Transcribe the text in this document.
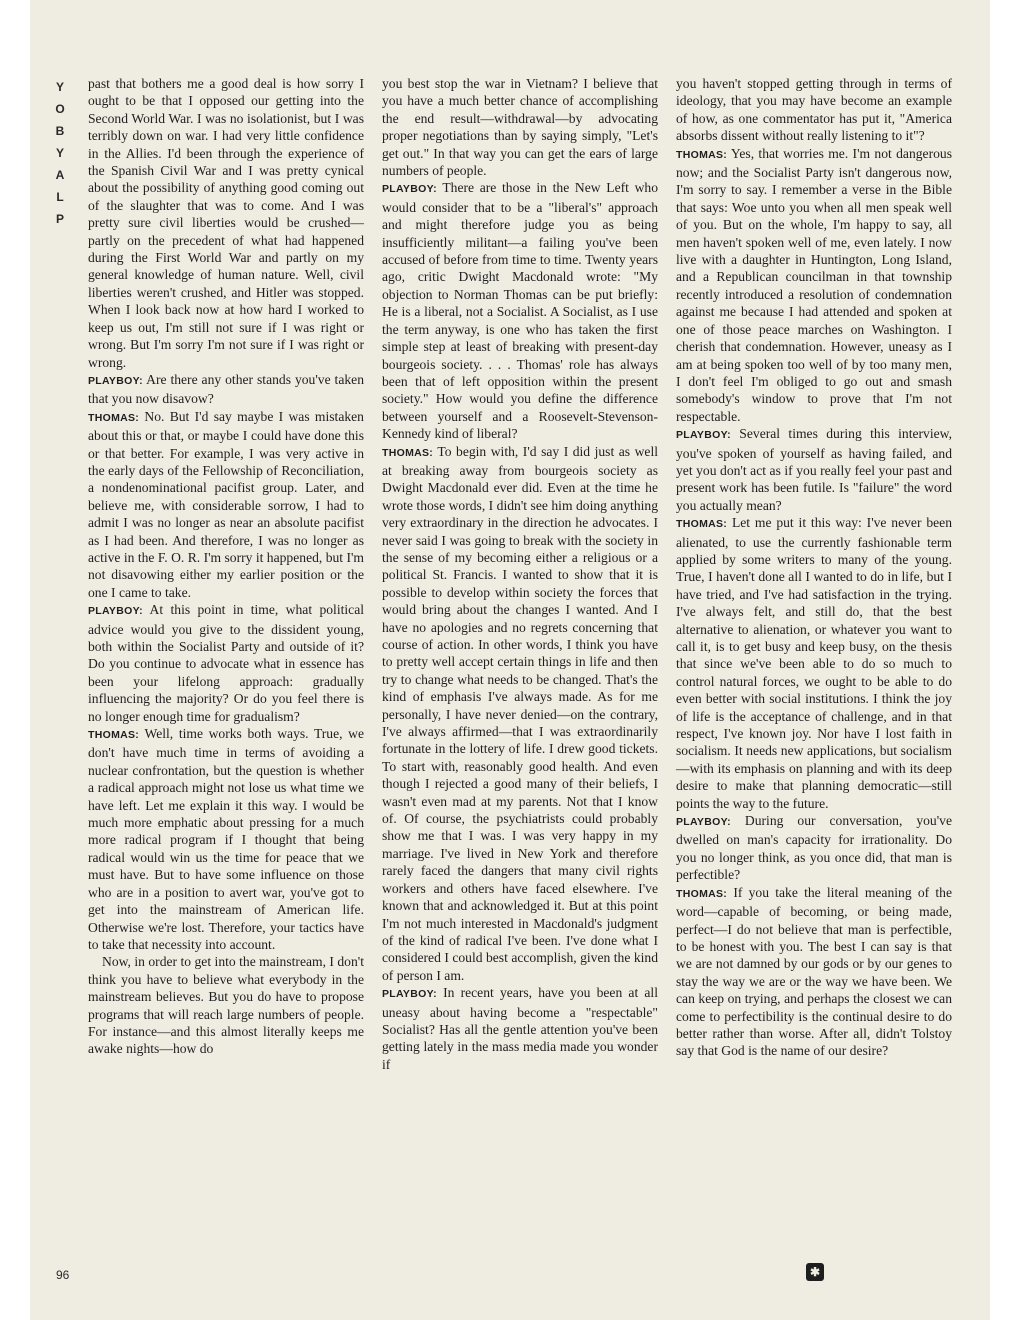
Y
O
B
Y
A
L
P

past that bothers me a good deal is how sorry I ought to be that I opposed our getting into the Second World War. I was no isolationist, but I was terribly down on war. I had very little confidence in the Allies. I'd been through the experience of the Spanish Civil War and I was pretty cynical about the possibility of anything good coming out of the slaughter that was to come. And I was pretty sure civil liberties would be crushed—partly on the precedent of what had happened during the First World War and partly on my general knowledge of human nature. Well, civil liberties weren't crushed, and Hitler was stopped. When I look back now at how hard I worked to keep us out, I'm still not sure if I was right or wrong. But I'm sorry I'm not sure if I was right or wrong.

PLAYBOY: Are there any other stands you've taken that you now disavow?

THOMAS: No. But I'd say maybe I was mistaken about this or that, or maybe I could have done this or that better. For example, I was very active in the early days of the Fellowship of Reconciliation, a nondenominational pacifist group. Later, and believe me, with considerable sorrow, I had to admit I was no longer as near an absolute pacifist as I had been. And therefore, I was no longer as active in the F. O. R. I'm sorry it happened, but I'm not disavowing either my earlier position or the one I came to take.

PLAYBOY: At this point in time, what political advice would you give to the dissident young, both within the Socialist Party and outside of it? Do you continue to advocate what in essence has been your lifelong approach: gradually influencing the majority? Or do you feel there is no longer enough time for gradualism?

THOMAS: Well, time works both ways. True, we don't have much time in terms of avoiding a nuclear confrontation, but the question is whether a radical approach might not lose us what time we have left. Let me explain it this way. I would be much more emphatic about pressing for a much more radical program if I thought that being radical would win us the time for peace that we must have. But to have some influence on those who are in a position to avert war, you've got to get into the mainstream of American life. Otherwise we're lost. Therefore, your tactics have to take that necessity into account.

Now, in order to get into the mainstream, I don't think you have to believe what everybody in the mainstream believes. But you do have to propose programs that will reach large numbers of people. For instance—and this almost literally keeps me awake nights—how do

you best stop the war in Vietnam? I believe that you have a much better chance of accomplishing the end result—withdrawal—by advocating proper negotiations than by saying simply, "Let's get out." In that way you can get the ears of large numbers of people.

PLAYBOY: There are those in the New Left who would consider that to be a "liberal's" approach and might therefore judge you as being insufficiently militant—a failing you've been accused of before from time to time. Twenty years ago, critic Dwight Macdonald wrote: "My objection to Norman Thomas can be put briefly: He is a liberal, not a Socialist. A Socialist, as I use the term anyway, is one who has taken the first simple step at least of breaking with present-day bourgeois society. . . . Thomas' role has always been that of left opposition within the present society." How would you define the difference between yourself and a Roosevelt-Stevenson-Kennedy kind of liberal?

THOMAS: To begin with, I'd say I did just as well at breaking away from bourgeois society as Dwight Macdonald ever did. Even at the time he wrote those words, I didn't see him doing anything very extraordinary in the direction he advocates. I never said I was going to break with the society in the sense of my becoming either a religious or a political St. Francis. I wanted to show that it is possible to develop within society the forces that would bring about the changes I wanted. And I have no apologies and no regrets concerning that course of action. In other words, I think you have to pretty well accept certain things in life and then try to change what needs to be changed. That's the kind of emphasis I've always made. As for me personally, I have never denied—on the contrary, I've always affirmed—that I was extraordinarily fortunate in the lottery of life. I drew good tickets. To start with, reasonably good health. And even though I rejected a good many of their beliefs, I wasn't even mad at my parents. Not that I know of. Of course, the psychiatrists could probably show me that I was. I was very happy in my marriage. I've lived in New York and therefore rarely faced the dangers that many civil rights workers and others have faced elsewhere. I've known that and acknowledged it. But at this point I'm not much interested in Macdonald's judgment of the kind of radical I've been. I've done what I considered I could best accomplish, given the kind of person I am.

PLAYBOY: In recent years, have you been at all uneasy about having become a "respectable" Socialist? Has all the gentle attention you've been getting lately in the mass media made you wonder if

you haven't stopped getting through in terms of ideology, that you may have become an example of how, as one commentator has put it, "America absorbs dissent without really listening to it"?

THOMAS: Yes, that worries me. I'm not dangerous now; and the Socialist Party isn't dangerous now, I'm sorry to say. I remember a verse in the Bible that says: Woe unto you when all men speak well of you. But on the whole, I'm happy to say, all men haven't spoken well of me, even lately. I now live with a daughter in Huntington, Long Island, and a Republican councilman in that township recently introduced a resolution of condemnation against me because I had attended and spoken at one of those peace marches on Washington. I cherish that condemnation. However, uneasy as I am at being spoken too well of by too many men, I don't feel I'm obliged to go out and smash somebody's window to prove that I'm not respectable.

PLAYBOY: Several times during this interview, you've spoken of yourself as having failed, and yet you don't act as if you really feel your past and present work has been futile. Is "failure" the word you actually mean?

THOMAS: Let me put it this way: I've never been alienated, to use the currently fashionable term applied by some writers to many of the young. True, I haven't done all I wanted to do in life, but I have tried, and I've had satisfaction in the trying. I've always felt, and still do, that the best alternative to alienation, or whatever you want to call it, is to get busy and keep busy, on the thesis that since we've been able to do so much to control natural forces, we ought to be able to do even better with social institutions. I think the joy of life is the acceptance of challenge, and in that respect, I've known joy. Nor have I lost faith in socialism. It needs new applications, but socialism—with its emphasis on planning and with its deep desire to make that planning democratic—still points the way to the future.

PLAYBOY: During our conversation, you've dwelled on man's capacity for irrationality. Do you no longer think, as you once did, that man is perfectible?

THOMAS: If you take the literal meaning of the word—capable of becoming, or being made, perfect—I do not believe that man is perfectible, to be honest with you. The best I can say is that we are not damned by our gods or by our genes to stay the way we are or the way we have been. We can keep on trying, and perhaps the closest we can come to perfectibility is the continual desire to do better rather than worse. After all, didn't Tolstoy say that God is the name of our desire?

96	✱
